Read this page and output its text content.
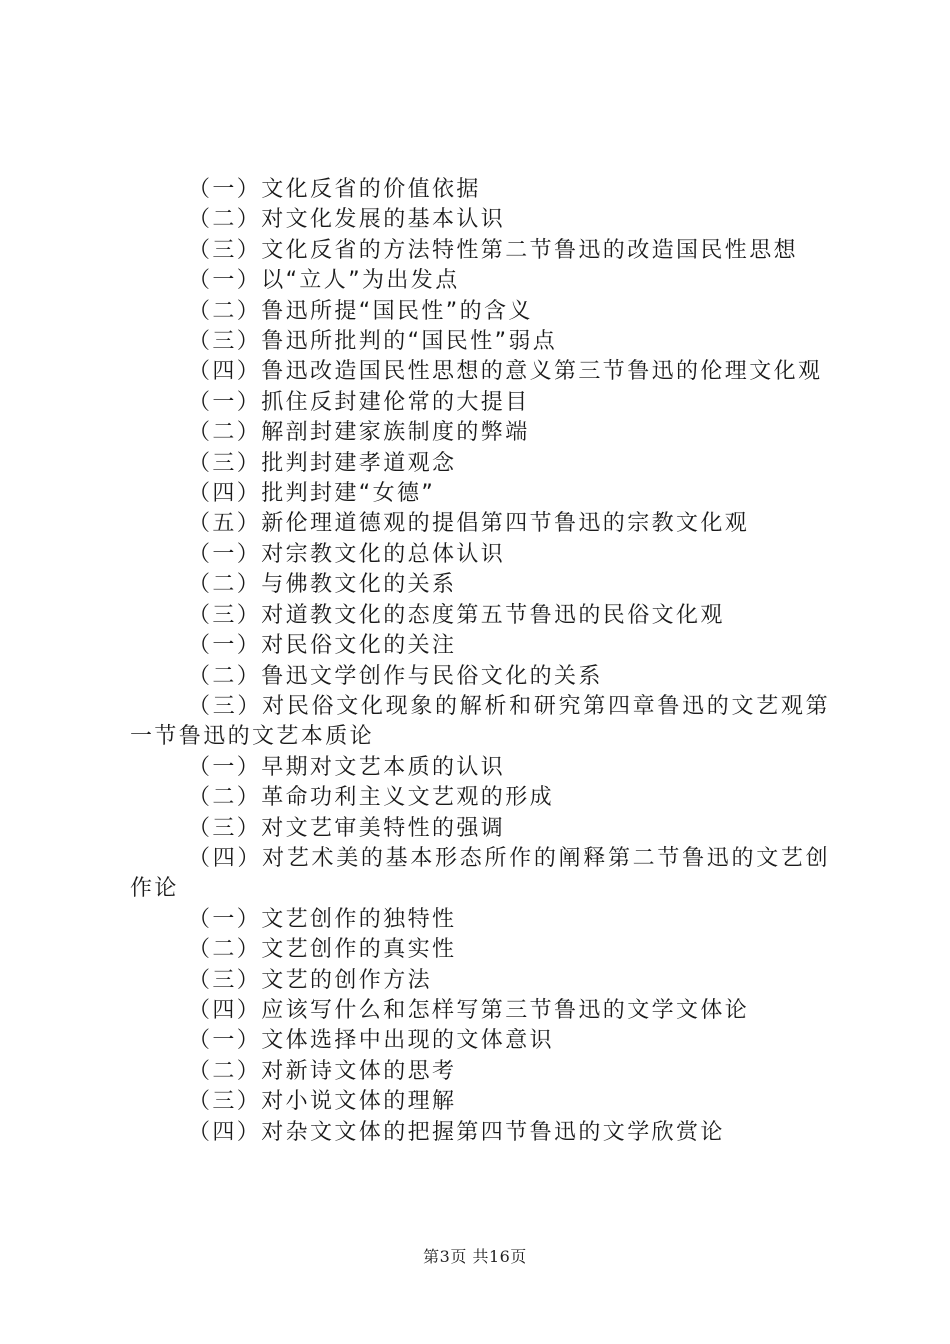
（一）文化反省的价值依据
（二）对文化发展的基本认识
（三）文化反省的方法特性第二节鲁迅的改造国民性思想
（一）以“立人”为出发点
（二）鲁迅所提“国民性”的含义
（三）鲁迅所批判的“国民性”弱点
（四）鲁迅改造国民性思想的意义第三节鲁迅的伦理文化观
（一）抓住反封建伦常的大提目
（二）解剖封建家族制度的弊端
（三）批判封建孝道观念
（四）批判封建“女德”
（五）新伦理道德观的提倡第四节鲁迅的宗教文化观
（一）对宗教文化的总体认识
（二）与佛教文化的关系
（三）对道教文化的态度第五节鲁迅的民俗文化观
（一）对民俗文化的关注
（二）鲁迅文学创作与民俗文化的关系
（三）对民俗文化现象的解析和研究第四章鲁迅的文艺观第一节鲁迅的文艺本质论
（一）早期对文艺本质的认识
（二）革命功利主义文艺观的形成
（三）对文艺审美特性的强调
（四）对艺术美的基本形态所作的阐释第二节鲁迅的文艺创作论
（一）文艺创作的独特性
（二）文艺创作的真实性
（三）文艺的创作方法
（四）应该写什么和怎样写第三节鲁迅的文学文体论
（一）文体选择中出现的文体意识
（二）对新诗文体的思考
（三）对小说文体的理解
（四）对杂文文体的把握第四节鲁迅的文学欣赏论
第3页 共16页
